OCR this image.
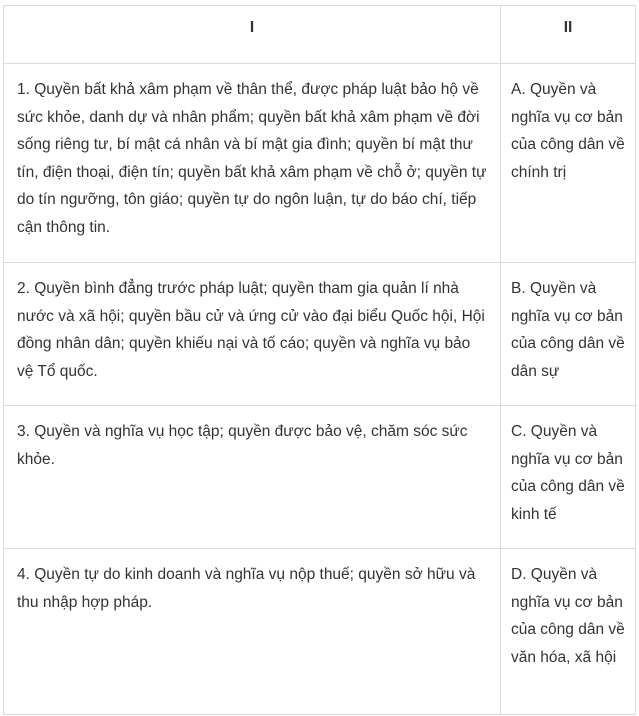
I	II
1. Quyền bất khả xâm phạm về thân thể, được pháp luật bảo hộ về sức khỏe, danh dự và nhân phẩm; quyền bất khả xâm phạm về đời sống riêng tư, bí mật cá nhân và bí mật gia đình; quyền bí mật thư tín, điện thoại, điện tín; quyền bất khả xâm phạm về chỗ ở; quyền tự do tín ngưỡng, tôn giáo; quyền tự do ngôn luận, tự do báo chí, tiếp cận thông tin.	A. Quyền và nghĩa vụ cơ bản của công dân về chính trị
2. Quyền bình đẳng trước pháp luật; quyền tham gia quản lí nhà nước và xã hội; quyền bầu cử và ứng cử vào đại biểu Quốc hội, Hội đồng nhân dân; quyền khiếu nại và tố cáo; quyền và nghĩa vụ bảo vệ Tổ quốc.	B. Quyền và nghĩa vụ cơ bản của công dân về dân sự
3. Quyền và nghĩa vụ học tập; quyền được bảo vệ, chăm sóc sức khỏe.	C. Quyền và nghĩa vụ cơ bản của công dân về kinh tế
4. Quyền tự do kinh doanh và nghĩa vụ nộp thuế; quyền sở hữu và thu nhập hợp pháp.	D. Quyền và nghĩa vụ cơ bản của công dân về văn hóa, xã hội
